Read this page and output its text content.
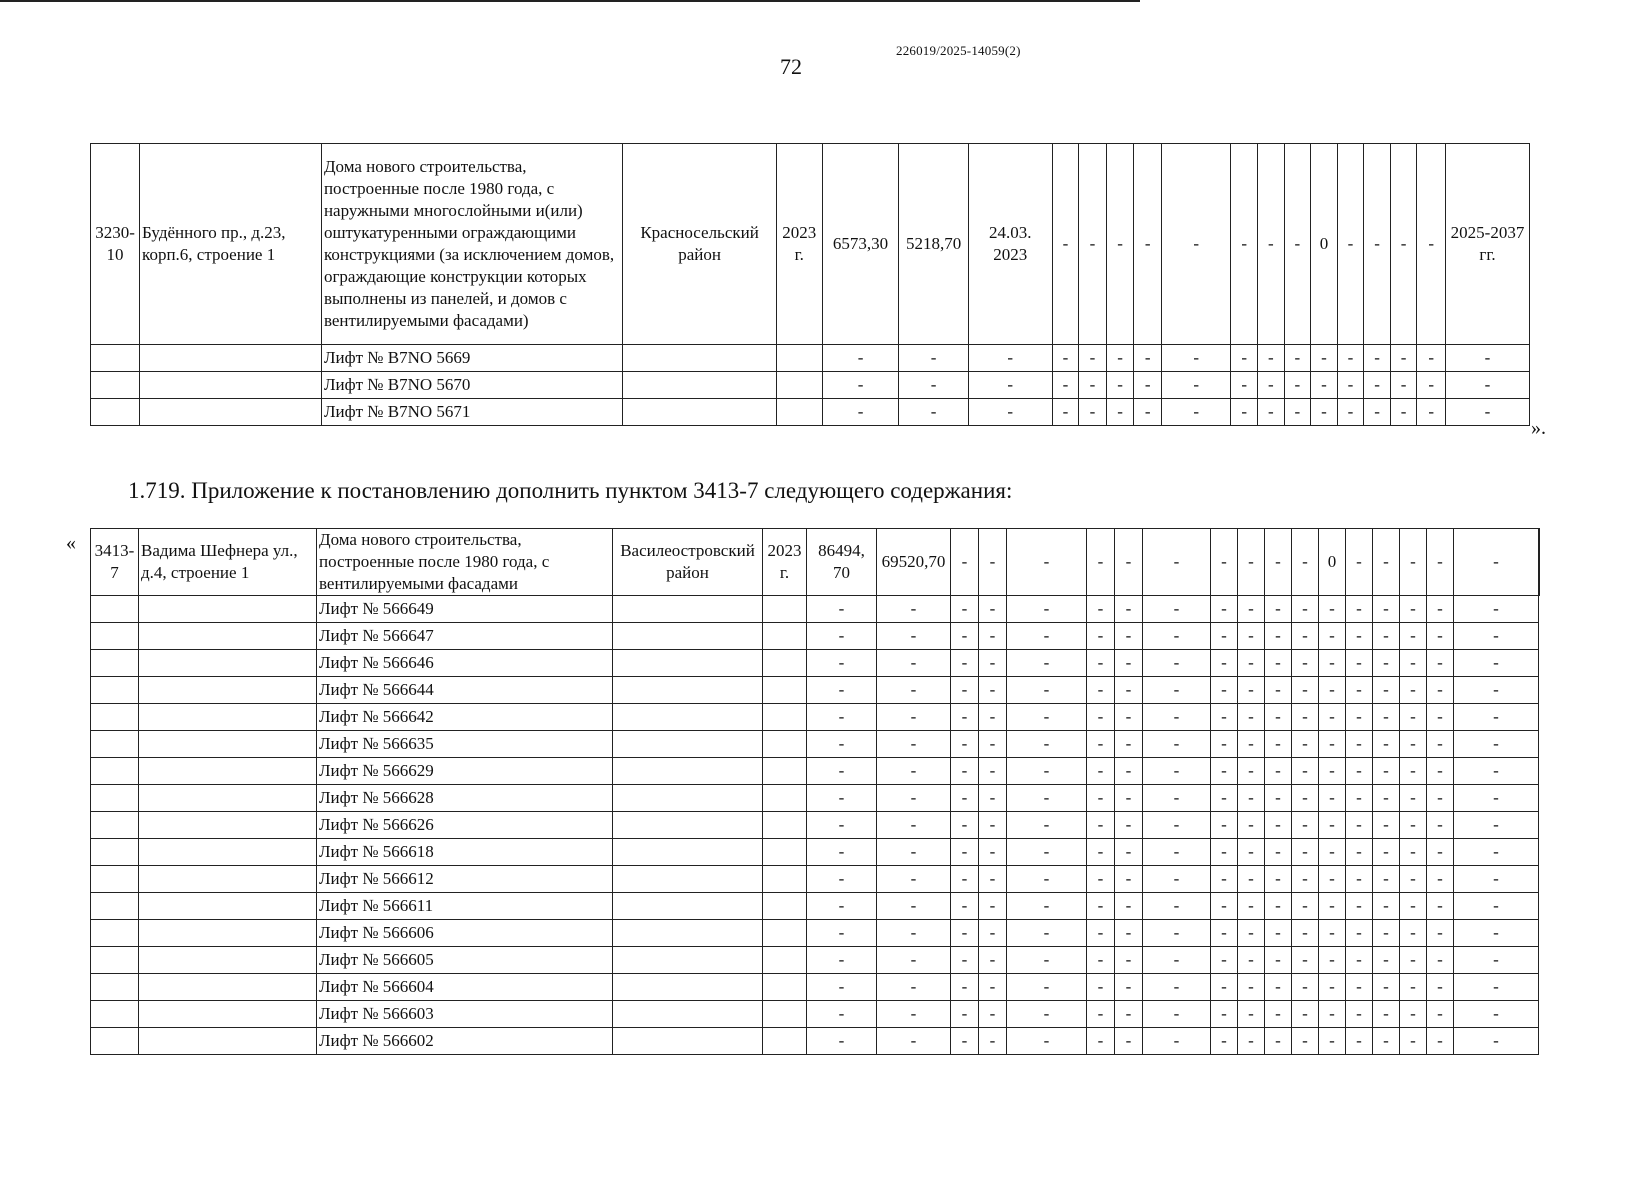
72
226019/2025-14059(2)
3230-10	Будённого пр., д.23, корп.6, строение 1	Дома нового строительства, построенные после 1980 года, с наружными многослойными и(или) оштукатуренными ограждающими конструкциями (за исключением домов, ограждающие конструкции которых выполнены из панелей, и домов с вентилируемыми фасадами)	Красносельский район	2023 г.	6573,30	5218,70	24.03. 2023	-	-	-	-	-	-	-	-	0	-	-	-	-	2025-2037 гг.
		Лифт № B7NO 5669			-	-	-	-	-	-	-	-	-	-	-	-	-	-	-	-	-
		Лифт № B7NO 5670			-	-	-	-	-	-	-	-	-	-	-	-	-	-	-	-	-
		Лифт № B7NO 5671			-	-	-	-	-	-	-	-	-	-	-	-	-	-	-	-	-
».
1.719. Приложение к постановлению дополнить пунктом 3413-7 следующего содержания:
« 3413-7	Вадима Шефнера ул., д.4, строение 1	Дома нового строительства, построенные после 1980 года, с вентилируемыми фасадами	Василеостровский район	2023 г.	86494, 70	69520,70	-	-	-	-	-	-	-	-	-	-	0	-	-	-	-	-	
		Лифт № 566649			-	-	-	-	-	-	-	-	-	-	-	-	-	-	-	-	-	-	
		Лифт № 566647			-	-	-	-	-	-	-	-	-	-	-	-	-	-	-	-	-	-	
		Лифт № 566646			-	-	-	-	-	-	-	-	-	-	-	-	-	-	-	-	-	-	
		Лифт № 566644			-	-	-	-	-	-	-	-	-	-	-	-	-	-	-	-	-	-	
		Лифт № 566642			-	-	-	-	-	-	-	-	-	-	-	-	-	-	-	-	-	-	
		Лифт № 566635			-	-	-	-	-	-	-	-	-	-	-	-	-	-	-	-	-	-	
		Лифт № 566629			-	-	-	-	-	-	-	-	-	-	-	-	-	-	-	-	-	-	
		Лифт № 566628			-	-	-	-	-	-	-	-	-	-	-	-	-	-	-	-	-	-	
		Лифт № 566626			-	-	-	-	-	-	-	-	-	-	-	-	-	-	-	-	-	-	
		Лифт № 566618			-	-	-	-	-	-	-	-	-	-	-	-	-	-	-	-	-	-	
		Лифт № 566612			-	-	-	-	-	-	-	-	-	-	-	-	-	-	-	-	-	-	
		Лифт № 566611			-	-	-	-	-	-	-	-	-	-	-	-	-	-	-	-	-	-	
		Лифт № 566606			-	-	-	-	-	-	-	-	-	-	-	-	-	-	-	-	-	-	
		Лифт № 566605			-	-	-	-	-	-	-	-	-	-	-	-	-	-	-	-	-	-	
		Лифт № 566604			-	-	-	-	-	-	-	-	-	-	-	-	-	-	-	-	-	-	
		Лифт № 566603			-	-	-	-	-	-	-	-	-	-	-	-	-	-	-	-	-	-	
		Лифт № 566602			-	-	-	-	-	-	-	-	-	-	-	-	-	-	-	-	-	-	
